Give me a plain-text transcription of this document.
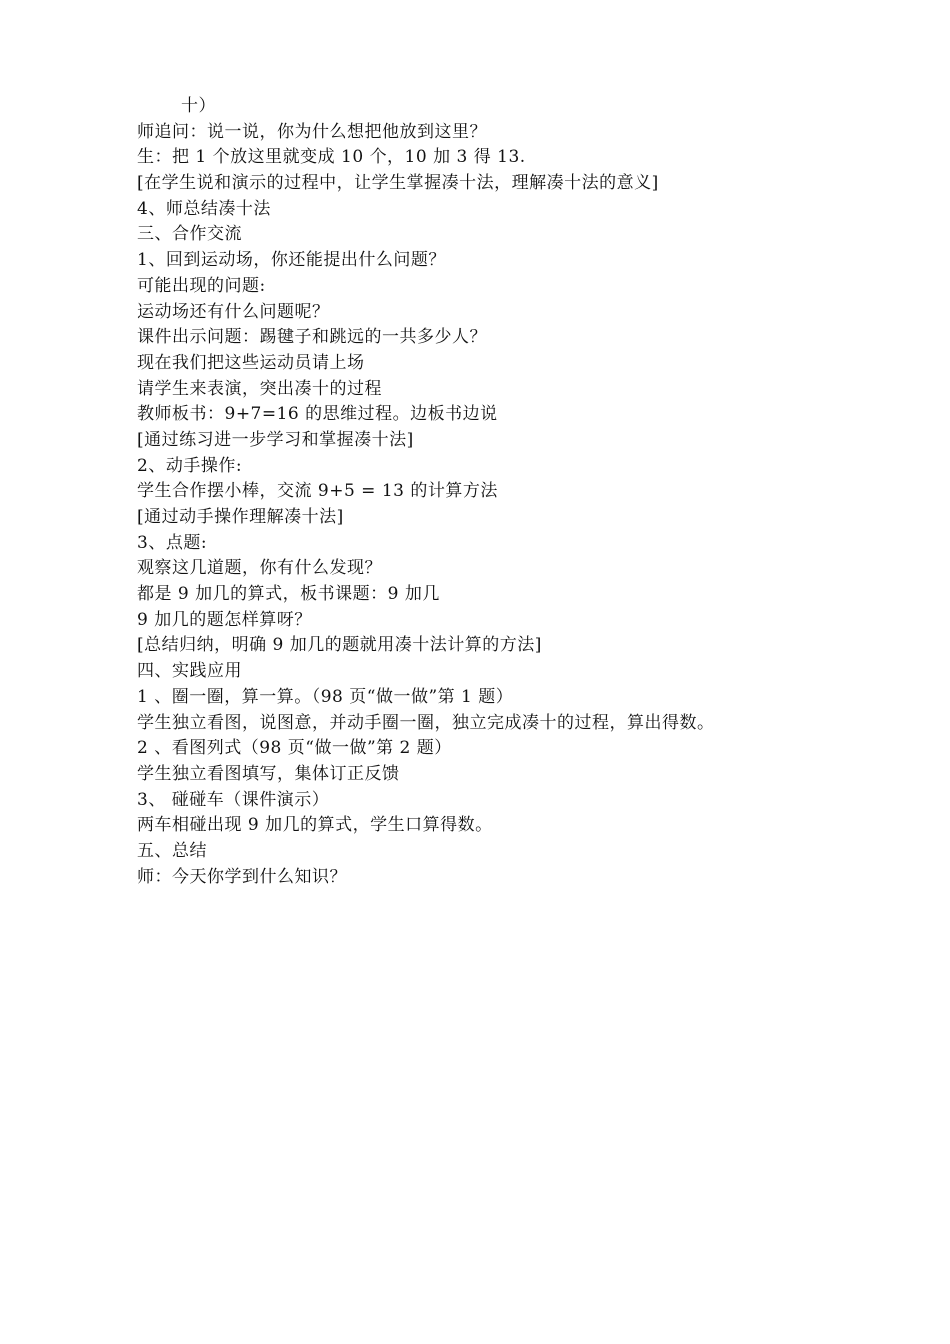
十）
师追问：说一说，你为什么想把他放到这里？
生：把 1 个放这里就变成 10 个，10 加 3 得 13.
[在学生说和演示的过程中，让学生掌握凑十法，理解凑十法的意义]
4、师总结凑十法
三、合作交流
1、回到运动场，你还能提出什么问题？
可能出现的问题:
运动场还有什么问题呢？
课件出示问题：踢毽子和跳远的一共多少人？
现在我们把这些运动员请上场
请学生来表演，突出凑十的过程
教师板书：9+7=16 的思维过程。边板书边说
[通过练习进一步学习和掌握凑十法]
2、动手操作:
学生合作摆小棒，交流 9+5 = 13 的计算方法
[通过动手操作理解凑十法]
3、点题:
观察这几道题，你有什么发现？
都是 9 加几的算式，板书课题：9 加几
9 加几的题怎样算呀？
[总结归纳，明确 9 加几的题就用凑十法计算的方法]
四、实践应用
1 、圈一圈，算一算。（98 页“做一做”第 1 题）
学生独立看图，说图意，并动手圈一圈，独立完成凑十的过程，算出得数。
2 、看图列式（98 页“做一做”第 2 题）
学生独立看图填写，集体订正反馈
3、 碰碰车（课件演示）
两车相碰出现 9 加几的算式，学生口算得数。
五、总结
师：今天你学到什么知识？
